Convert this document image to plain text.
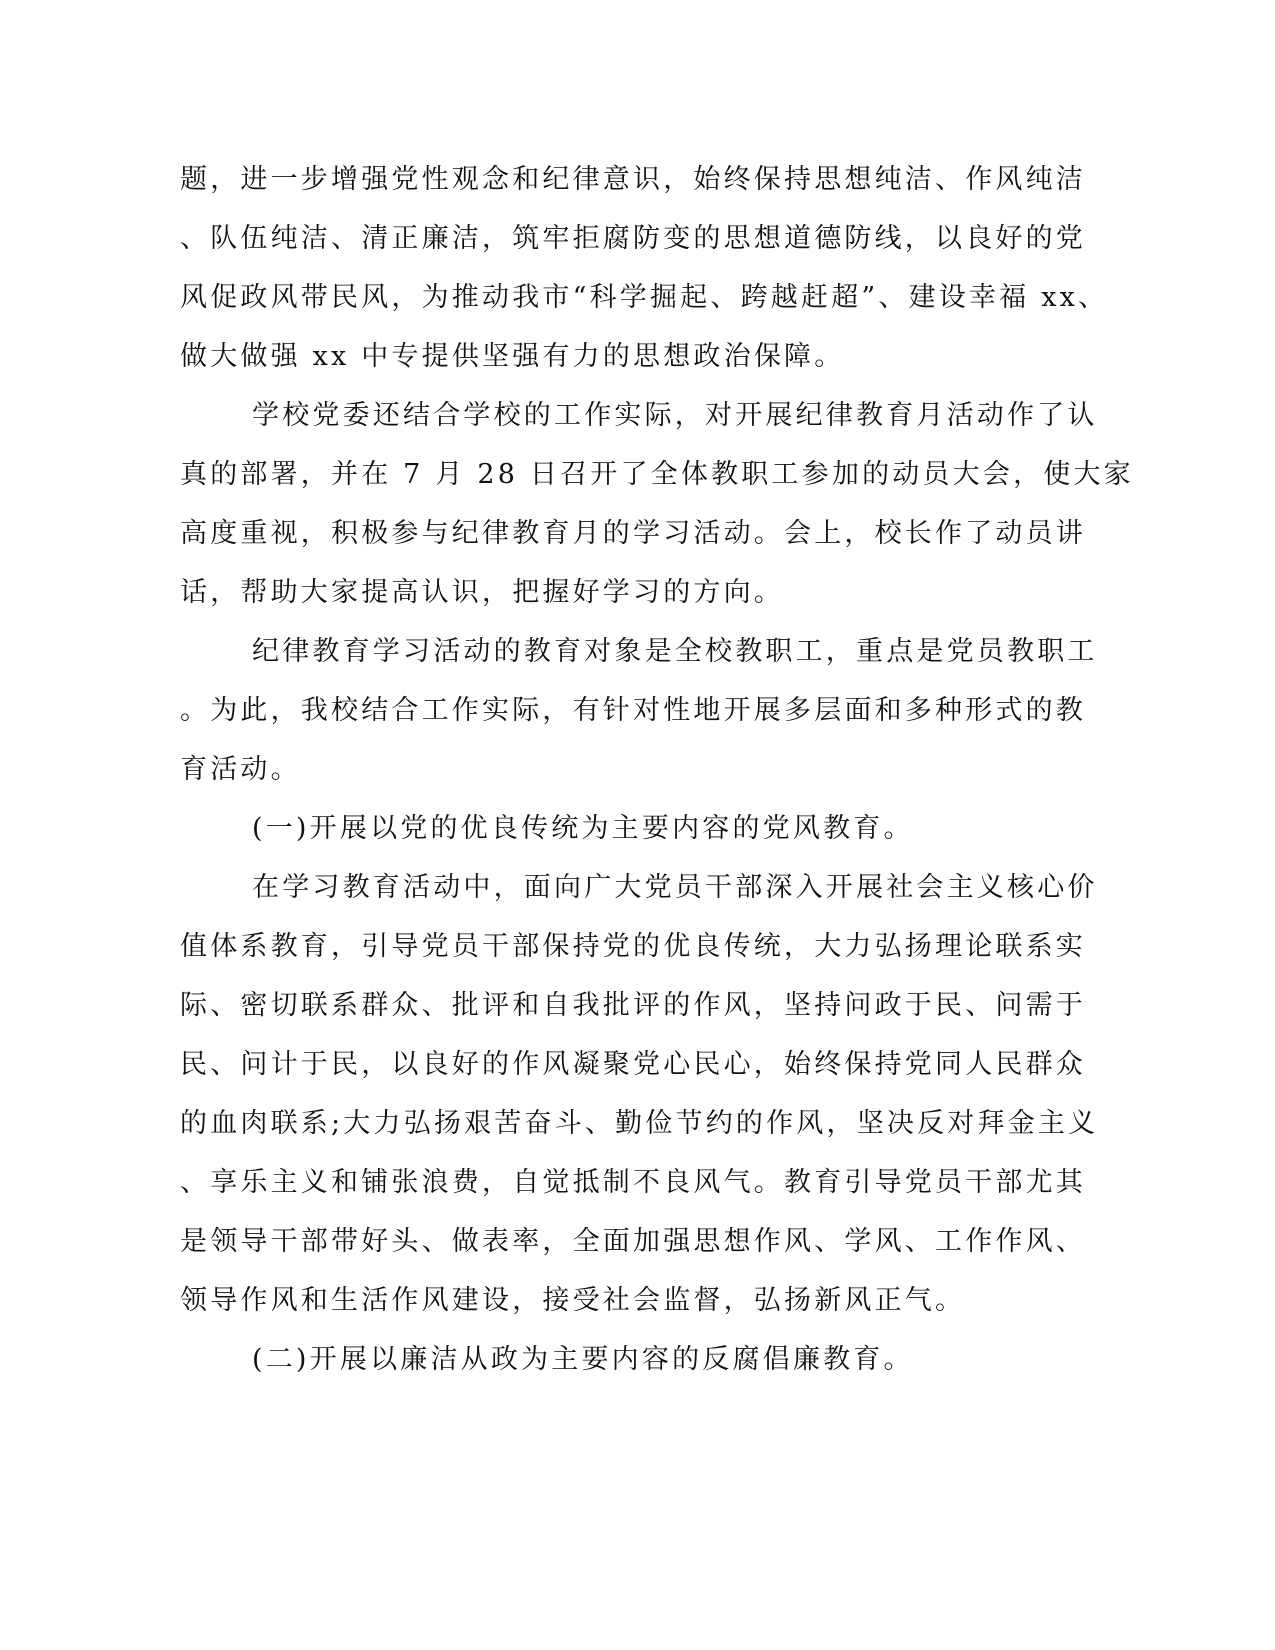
题，进一步增强党性观念和纪律意识，始终保持思想纯洁、作风纯洁
、队伍纯洁、清正廉洁，筑牢拒腐防变的思想道德防线，以良好的党
风促政风带民风，为推动我市“科学掘起、跨越赶超”、建设幸福 xx、
做大做强 xx 中专提供坚强有力的思想政治保障。
学校党委还结合学校的工作实际，对开展纪律教育月活动作了认
真的部署，并在 7 月 28 日召开了全体教职工参加的动员大会，使大家
高度重视，积极参与纪律教育月的学习活动。会上，校长作了动员讲
话，帮助大家提高认识，把握好学习的方向。
纪律教育学习活动的教育对象是全校教职工，重点是党员教职工
。为此，我校结合工作实际，有针对性地开展多层面和多种形式的教
育活动。
(一)开展以党的优良传统为主要内容的党风教育。
在学习教育活动中，面向广大党员干部深入开展社会主义核心价
值体系教育，引导党员干部保持党的优良传统，大力弘扬理论联系实
际、密切联系群众、批评和自我批评的作风，坚持问政于民、问需于
民、问计于民，以良好的作风凝聚党心民心，始终保持党同人民群众
的血肉联系;大力弘扬艰苦奋斗、勤俭节约的作风，坚决反对拜金主义
、享乐主义和铺张浪费，自觉抵制不良风气。教育引导党员干部尤其
是领导干部带好头、做表率，全面加强思想作风、学风、工作作风、
领导作风和生活作风建设，接受社会监督，弘扬新风正气。
(二)开展以廉洁从政为主要内容的反腐倡廉教育。
